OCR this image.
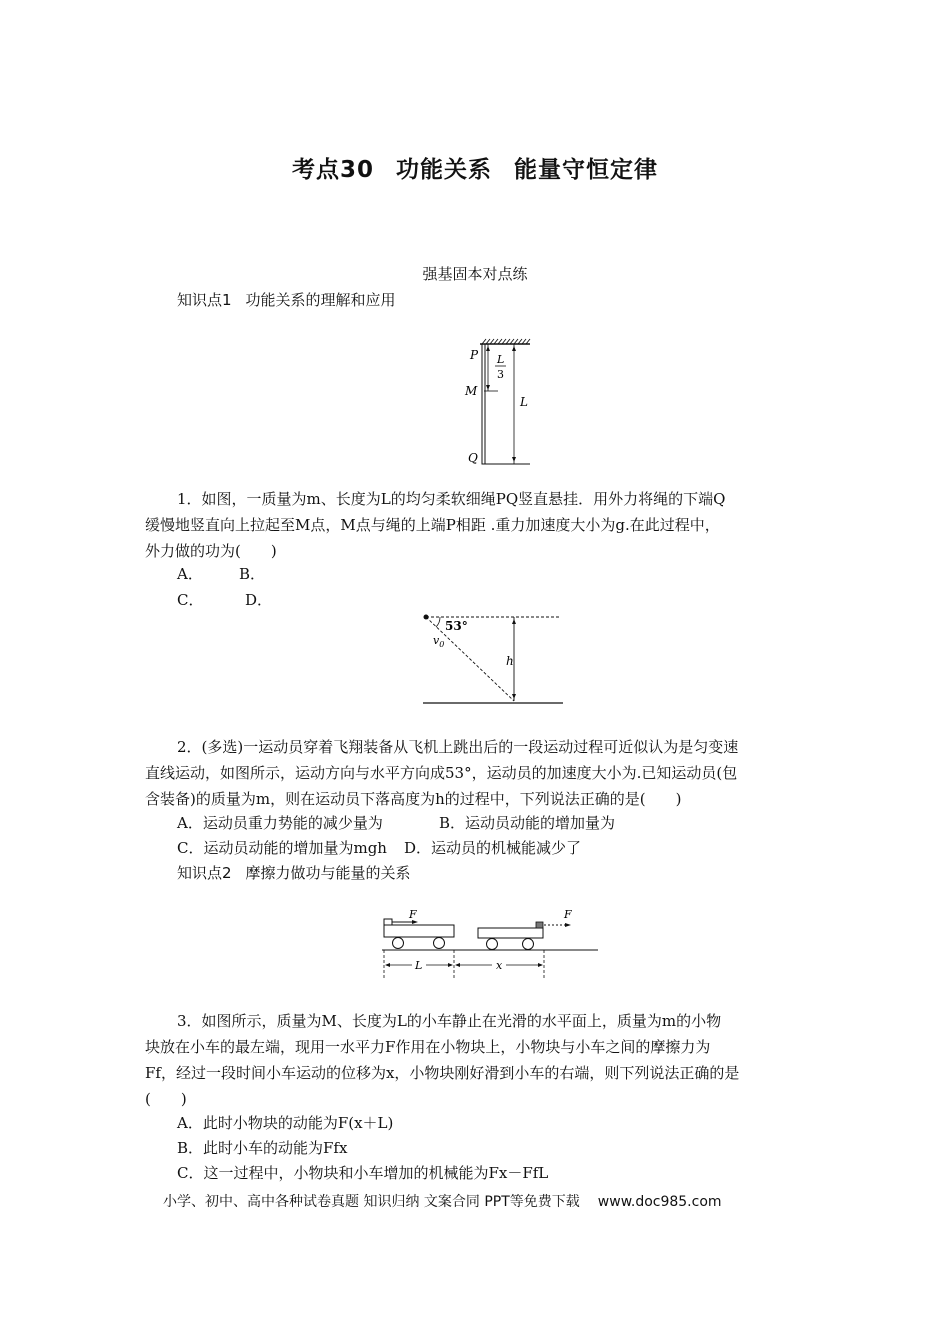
考点30 功能关系 能量守恒定律
强基固本对点练
知识点1 功能关系的理解和应用
P
M
Q
L
3
L
1．如图，一质量为m、长度为L的均匀柔软细绳PQ竖直悬挂．用外力将绳的下端Q
缓慢地竖直向上拉起至M点，M点与绳的上端P相距 .重力加速度大小为g.在此过程中，
外力做的功为(　　)
A． B．
C．	D．
53°
$v_0$
h
2．(多选)一运动员穿着飞翔装备从飞机上跳出后的一段运动过程可近似认为是匀变速
直线运动，如图所示，运动方向与水平方向成53°，运动员的加速度大小为.已知运动员(包
含装备)的质量为m，则在运动员下落高度为h的过程中，下列说法正确的是(　　)
A．运动员重力势能的减少量为	B．运动员动能的增加量为
C．运动员动能的增加量为mgh D．运动员的机械能减少了
知识点2 摩擦力做功与能量的关系
F	F
L	x
3．如图所示，质量为M、长度为L的小车静止在光滑的水平面上，质量为m的小物
块放在小车的最左端，现用一水平力F作用在小物块上，小物块与小车之间的摩擦力为
Ff，经过一段时间小车运动的位移为x，小物块刚好滑到小车的右端，则下列说法正确的是
(　　)
A．此时小物块的动能为F(x＋L)
B．此时小车的动能为Ffx
C．这一过程中，小物块和小车增加的机械能为Fx－FfL
小学、初中、高中各种试卷真题 知识归纳 文案合同 PPT等免费下载 www.doc985.com
